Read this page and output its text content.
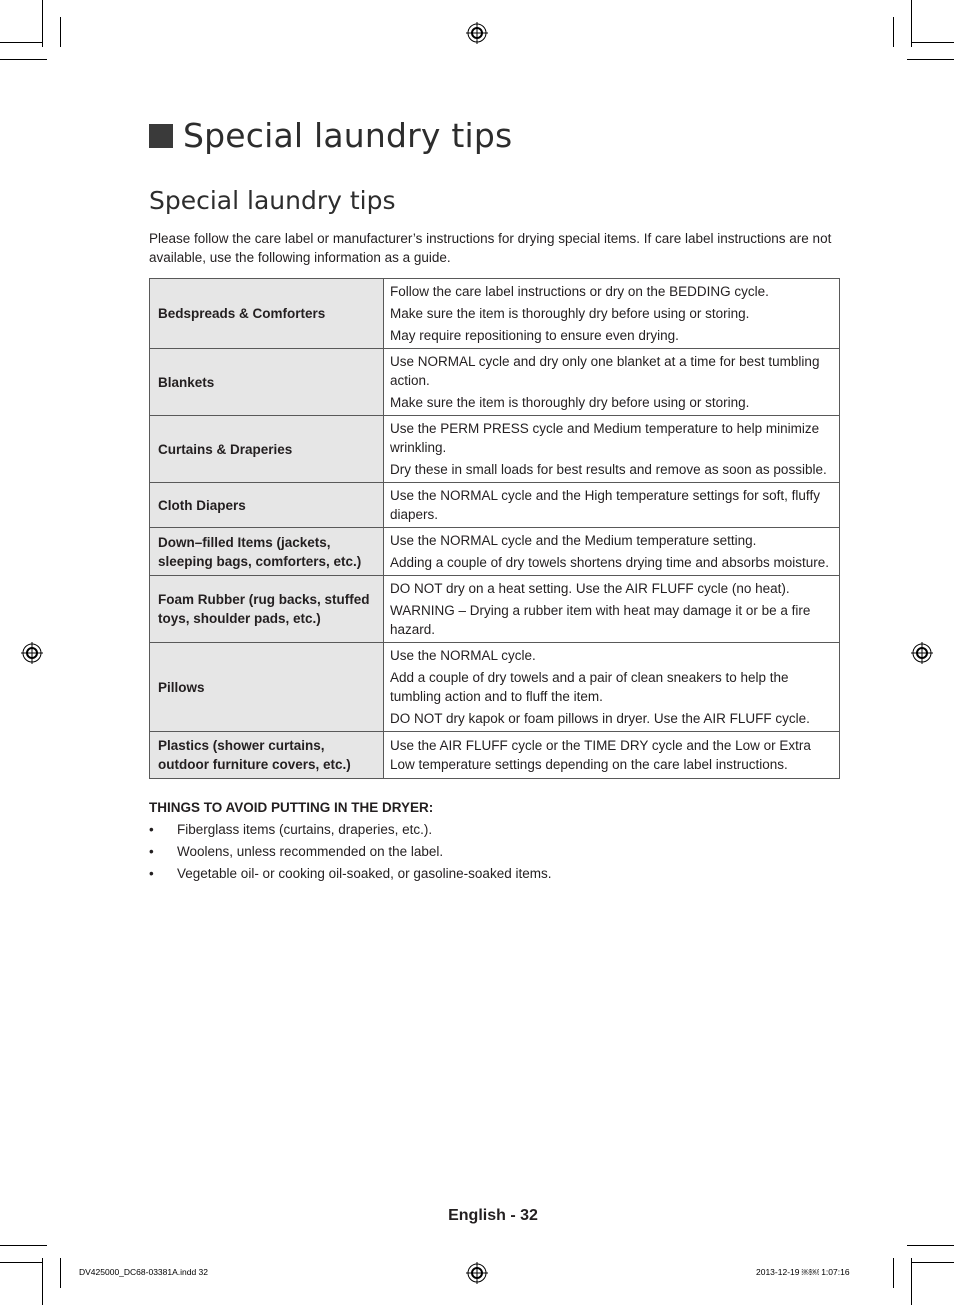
Special laundry tips
Special laundry tips
Please follow the care label or manufacturer’s instructions for drying special items. If care label instructions are not available, use the following information as a guide.
Bedspreads & Comforters	Follow the care label instructions or dry on the BEDDING cycle.

Make sure the item is thoroughly dry before using or storing.

May require repositioning to ensure even drying.

Blankets	Use NORMAL cycle and dry only one blanket at a time for best tumbling action.

Make sure the item is thoroughly dry before using or storing.

Curtains & Draperies	Use the PERM PRESS cycle and Medium temperature to help minimize wrinkling.

Dry these in small loads for best results and remove as soon as possible.

Cloth Diapers	Use the NORMAL cycle and the High temperature settings for soft, fluffy diapers.

Down–filled Items (jackets, sleeping bags, comforters, etc.)	Use the NORMAL cycle and the Medium temperature setting.

Adding a couple of dry towels shortens drying time and absorbs moisture.

Foam Rubber (rug backs, stuffed toys, shoulder pads, etc.)	DO NOT dry on a heat setting. Use the AIR FLUFF cycle (no heat).

WARNING – Drying a rubber item with heat may damage it or be a fire hazard.

Pillows	Use the NORMAL cycle.

Add a couple of dry towels and a pair of clean sneakers to help the tumbling action and to fluff the item.

DO NOT dry kapok or foam pillows in dryer. Use the AIR FLUFF cycle.

Plastics (shower curtains, outdoor furniture covers, etc.)	Use the AIR FLUFF cycle or the TIME DRY cycle and the Low or Extra Low temperature settings depending on the care label instructions.

THINGS TO AVOID PUTTING IN THE DRYER:
• Fiberglass items (curtains, draperies, etc.).
• Woolens, unless recommended on the label.
• Vegetable oil- or cooking oil-soaked, or gasoline-soaked items.
English - 32
DV425000_DC68-03381A.indd 32	2013-12-19 ￼￼ 1:07:16
